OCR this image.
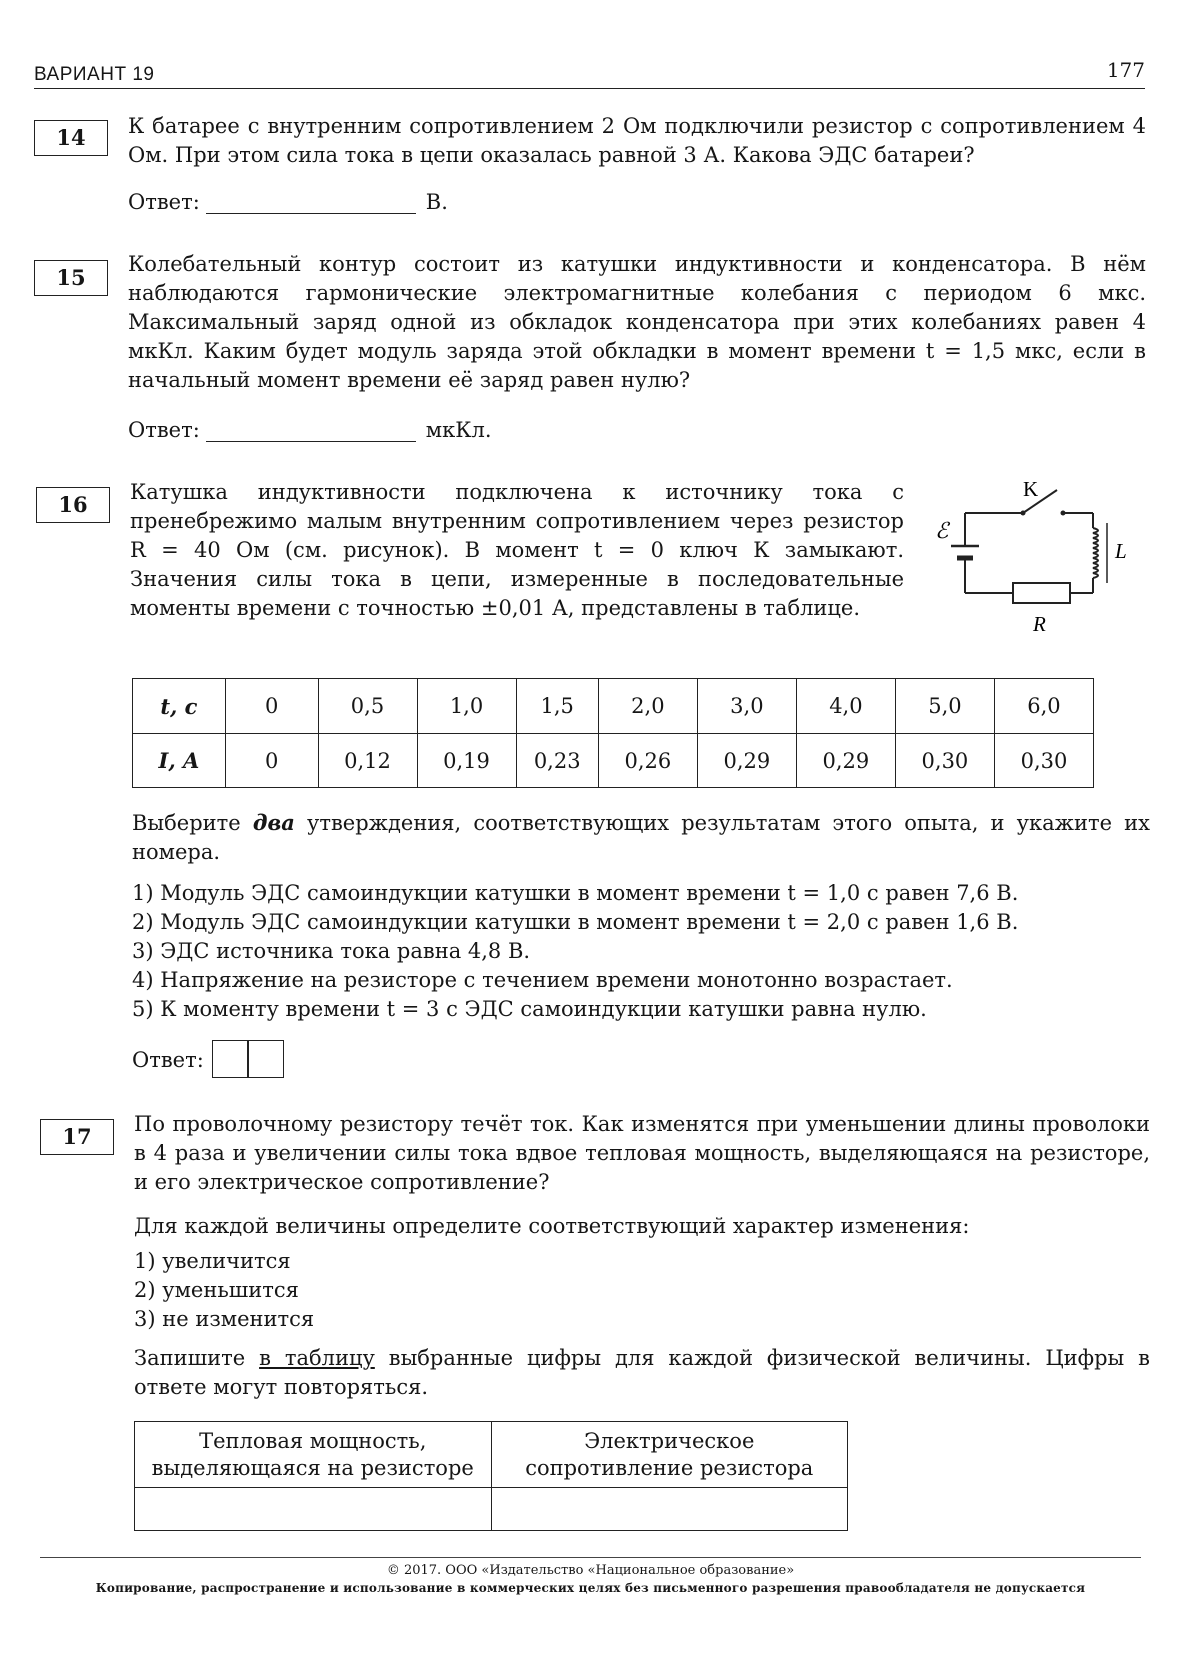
ВАРИАНТ 19	177
14	К батарее с внутренним сопротивлением 2 Ом подключили резистор с сопротивлением 4 Ом. При этом сила тока в цепи оказалась равной 3 А. Какова ЭДС батареи?

Ответ:	В.
15

Колебательный контур состоит из катушки индуктивности и конденсатора. В нём наблюдаются гармонические электромагнитные колебания с периодом 6 мкс. Максимальный заряд одной из обкладок конденсатора при этих колебаниях равен 4 мкКл. Каким будет модуль заряда этой обкладки в момент времени t = 1,5 мкс, если в начальный момент времени её заряд равен нулю?

Ответ:	мкКл.
16	Катушка индуктивности подключена к источнику тока с пренебрежимо малым внутренним сопротивлением через резистор R = 40 Ом (см. рисунок). В момент t = 0 ключ К замыкают. Значения силы тока в цепи, измеренные в последовательные моменты времени с точностью ±0,01 А, представлены в таблице.

K
ℰ
L
R
t, c	0	0,5	1,0	1,5	2,0	3,0	4,0	5,0	6,0
I, A	0	0,12	0,19	0,23	0,26	0,29	0,29	0,30	0,30

Выберите два утверждения, соответствующих результатам этого опыта, и укажите их номера.

1) Модуль ЭДС самоиндукции катушки в момент времени t = 1,0 с равен 7,6 В.
2) Модуль ЭДС самоиндукции катушки в момент времени t = 2,0 с равен 1,6 В.
3) ЭДС источника тока равна 4,8 В.
4) Напряжение на резисторе с течением времени монотонно возрастает.
5) К моменту времени t = 3 с ЭДС самоиндукции катушки равна нулю.
Ответ:
17	По проволочному резистору течёт ток. Как изменятся при уменьшении длины проволоки в 4 раза и увеличении силы тока вдвое тепловая мощность, выделяющаяся на резисторе, и его электрическое сопротивление?

Для каждой величины определите соответствующий характер изменения:
1) увеличится
2) уменьшится
3) не изменится

Запишите в таблицу выбранные цифры для каждой физической величины. Цифры в ответе могут повторяться.

Тепловая мощность, выделяющаяся на резисторе	Электрическое сопротивление резистора

© 2017. ООО «Издательство «Национальное образование»
Копирование, распространение и использование в коммерческих целях без письменного разрешения правообладателя не допускается
